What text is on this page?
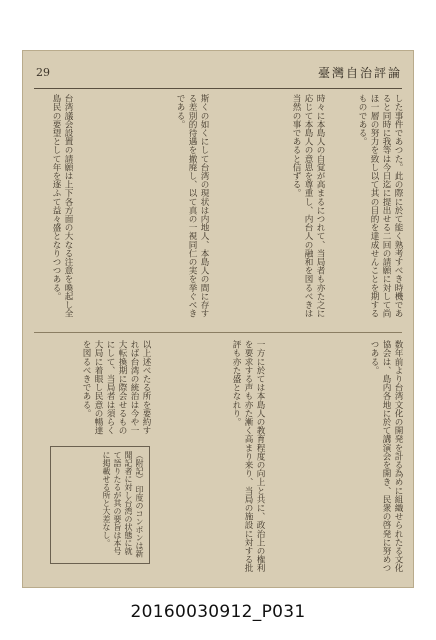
29	臺灣自治評論
した事件であつた。此の際に於て能く熟考すべき時機であると同時に我等は今日迄に提出せる二回の請願に対して尚ほ一層の努力を致し以て其の目的を達成せんことを期するものである。
時々に本島人の自覚が高まるにつれて、当局者も亦た之に応じて本島人の意思を尊重し、内台人の融和を図るべきは当然の事であると信ずる。
斯くの如くにして台湾の現状は内地人、本島人の間に存する差別的待遇を撤廃し、以て真の一視同仁の実を挙ぐべきである。
台湾議会設置の請願は上下各方面の大なる注意を喚起し全島民の要望として年を逐ふて益々盛となりつつある。
数年前より台湾文化の開発を計る為めに組織せられたる文化協会は、島内各地に於て講演会を開き、民衆の啓発に努めつつある。
一方に於ては本島人の教育程度の向上と共に、政治上の権利を要求する声も亦た漸く高まり来り、当局の施設に対する批評も亦た盛となれり。
以上述べたる所を要約すれば台湾の統治は今や一大転換期に際会せるものにして、当局者は須らく大局に着眼し民意の暢達を図るべきである。
（附記） 印度のコンポンは新聞記者に対し台湾の状態に就て語りたるが其の要旨は本号に掲載せる所と大差なし。
20160030912_P031
